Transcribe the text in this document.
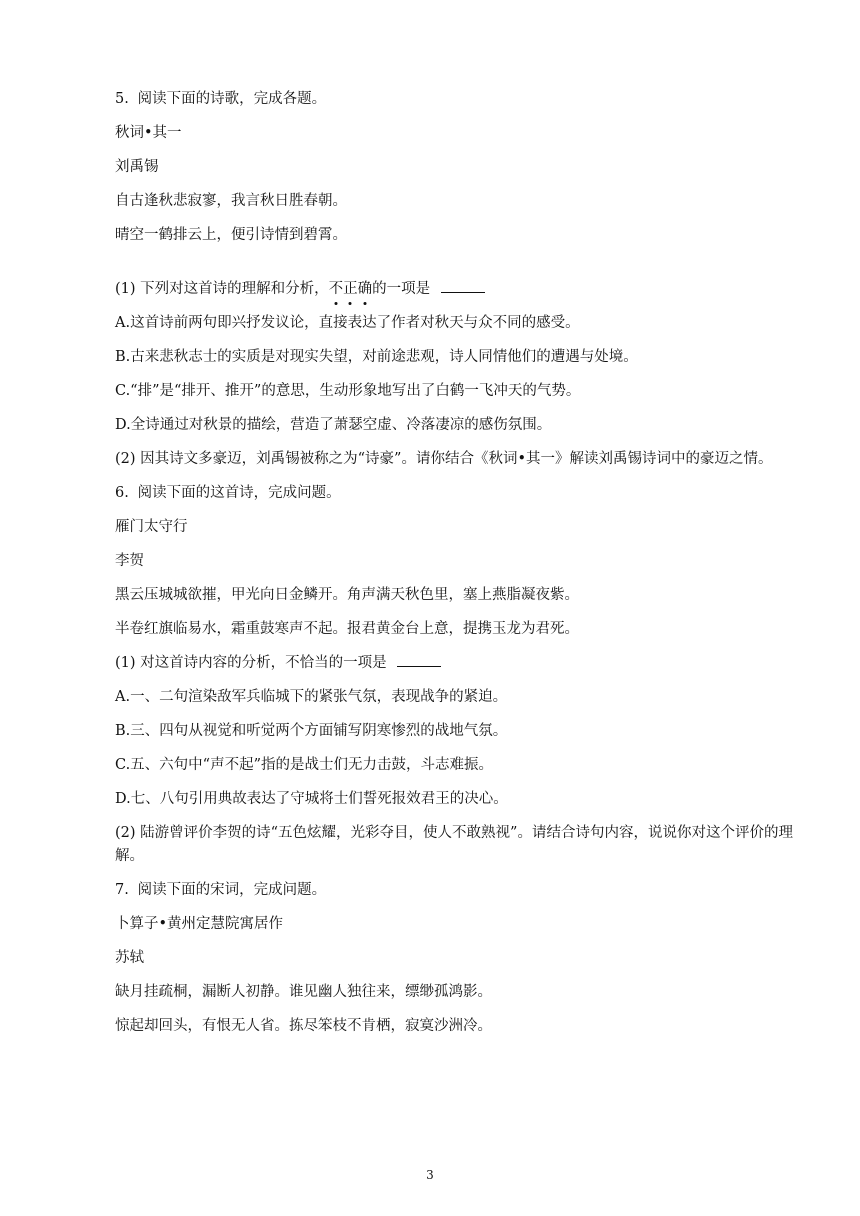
5. 阅读下面的诗歌，完成各题。
秋词•其一
刘禹锡
自古逢秋悲寂寥，我言秋日胜春朝。
晴空一鹤排云上，便引诗情到碧霄。
(1) 下列对这首诗的理解和分析，不正确的一项是
A.这首诗前两句即兴抒发议论，直接表达了作者对秋天与众不同的感受。
B.古来悲秋志士的实质是对现实失望，对前途悲观，诗人同情他们的遭遇与处境。
C.“排”是“排开、推开”的意思，生动形象地写出了白鹤一飞冲天的气势。
D.全诗通过对秋景的描绘，营造了萧瑟空虚、冷落凄凉的感伤氛围。
(2) 因其诗文多豪迈，刘禹锡被称之为“诗豪”。请你结合《秋词•其一》解读刘禹锡诗词中的豪迈之情。
6. 阅读下面的这首诗，完成问题。
雁门太守行
李贺
黑云压城城欲摧，甲光向日金鳞开。角声满天秋色里，塞上燕脂凝夜紫。
半卷红旗临易水，霜重鼓寒声不起。报君黄金台上意，提携玉龙为君死。
(1) 对这首诗内容的分析，不恰当的一项是
A.一、二句渲染敌军兵临城下的紧张气氛，表现战争的紧迫。
B.三、四句从视觉和听觉两个方面铺写阴寒惨烈的战地气氛。
C.五、六句中“声不起”指的是战士们无力击鼓，斗志难振。
D.七、八句引用典故表达了守城将士们誓死报效君王的决心。
(2) 陆游曾评价李贺的诗“五色炫耀，光彩夺目，使人不敢熟视”。请结合诗句内容，说说你对这个评价的理解。
7. 阅读下面的宋词，完成问题。
卜算子•黄州定慧院寓居作
苏轼
缺月挂疏桐，漏断人初静。谁见幽人独往来，缥缈孤鸿影。
惊起却回头，有恨无人省。拣尽笨枝不肯栖，寂寞沙洲冷。
3
